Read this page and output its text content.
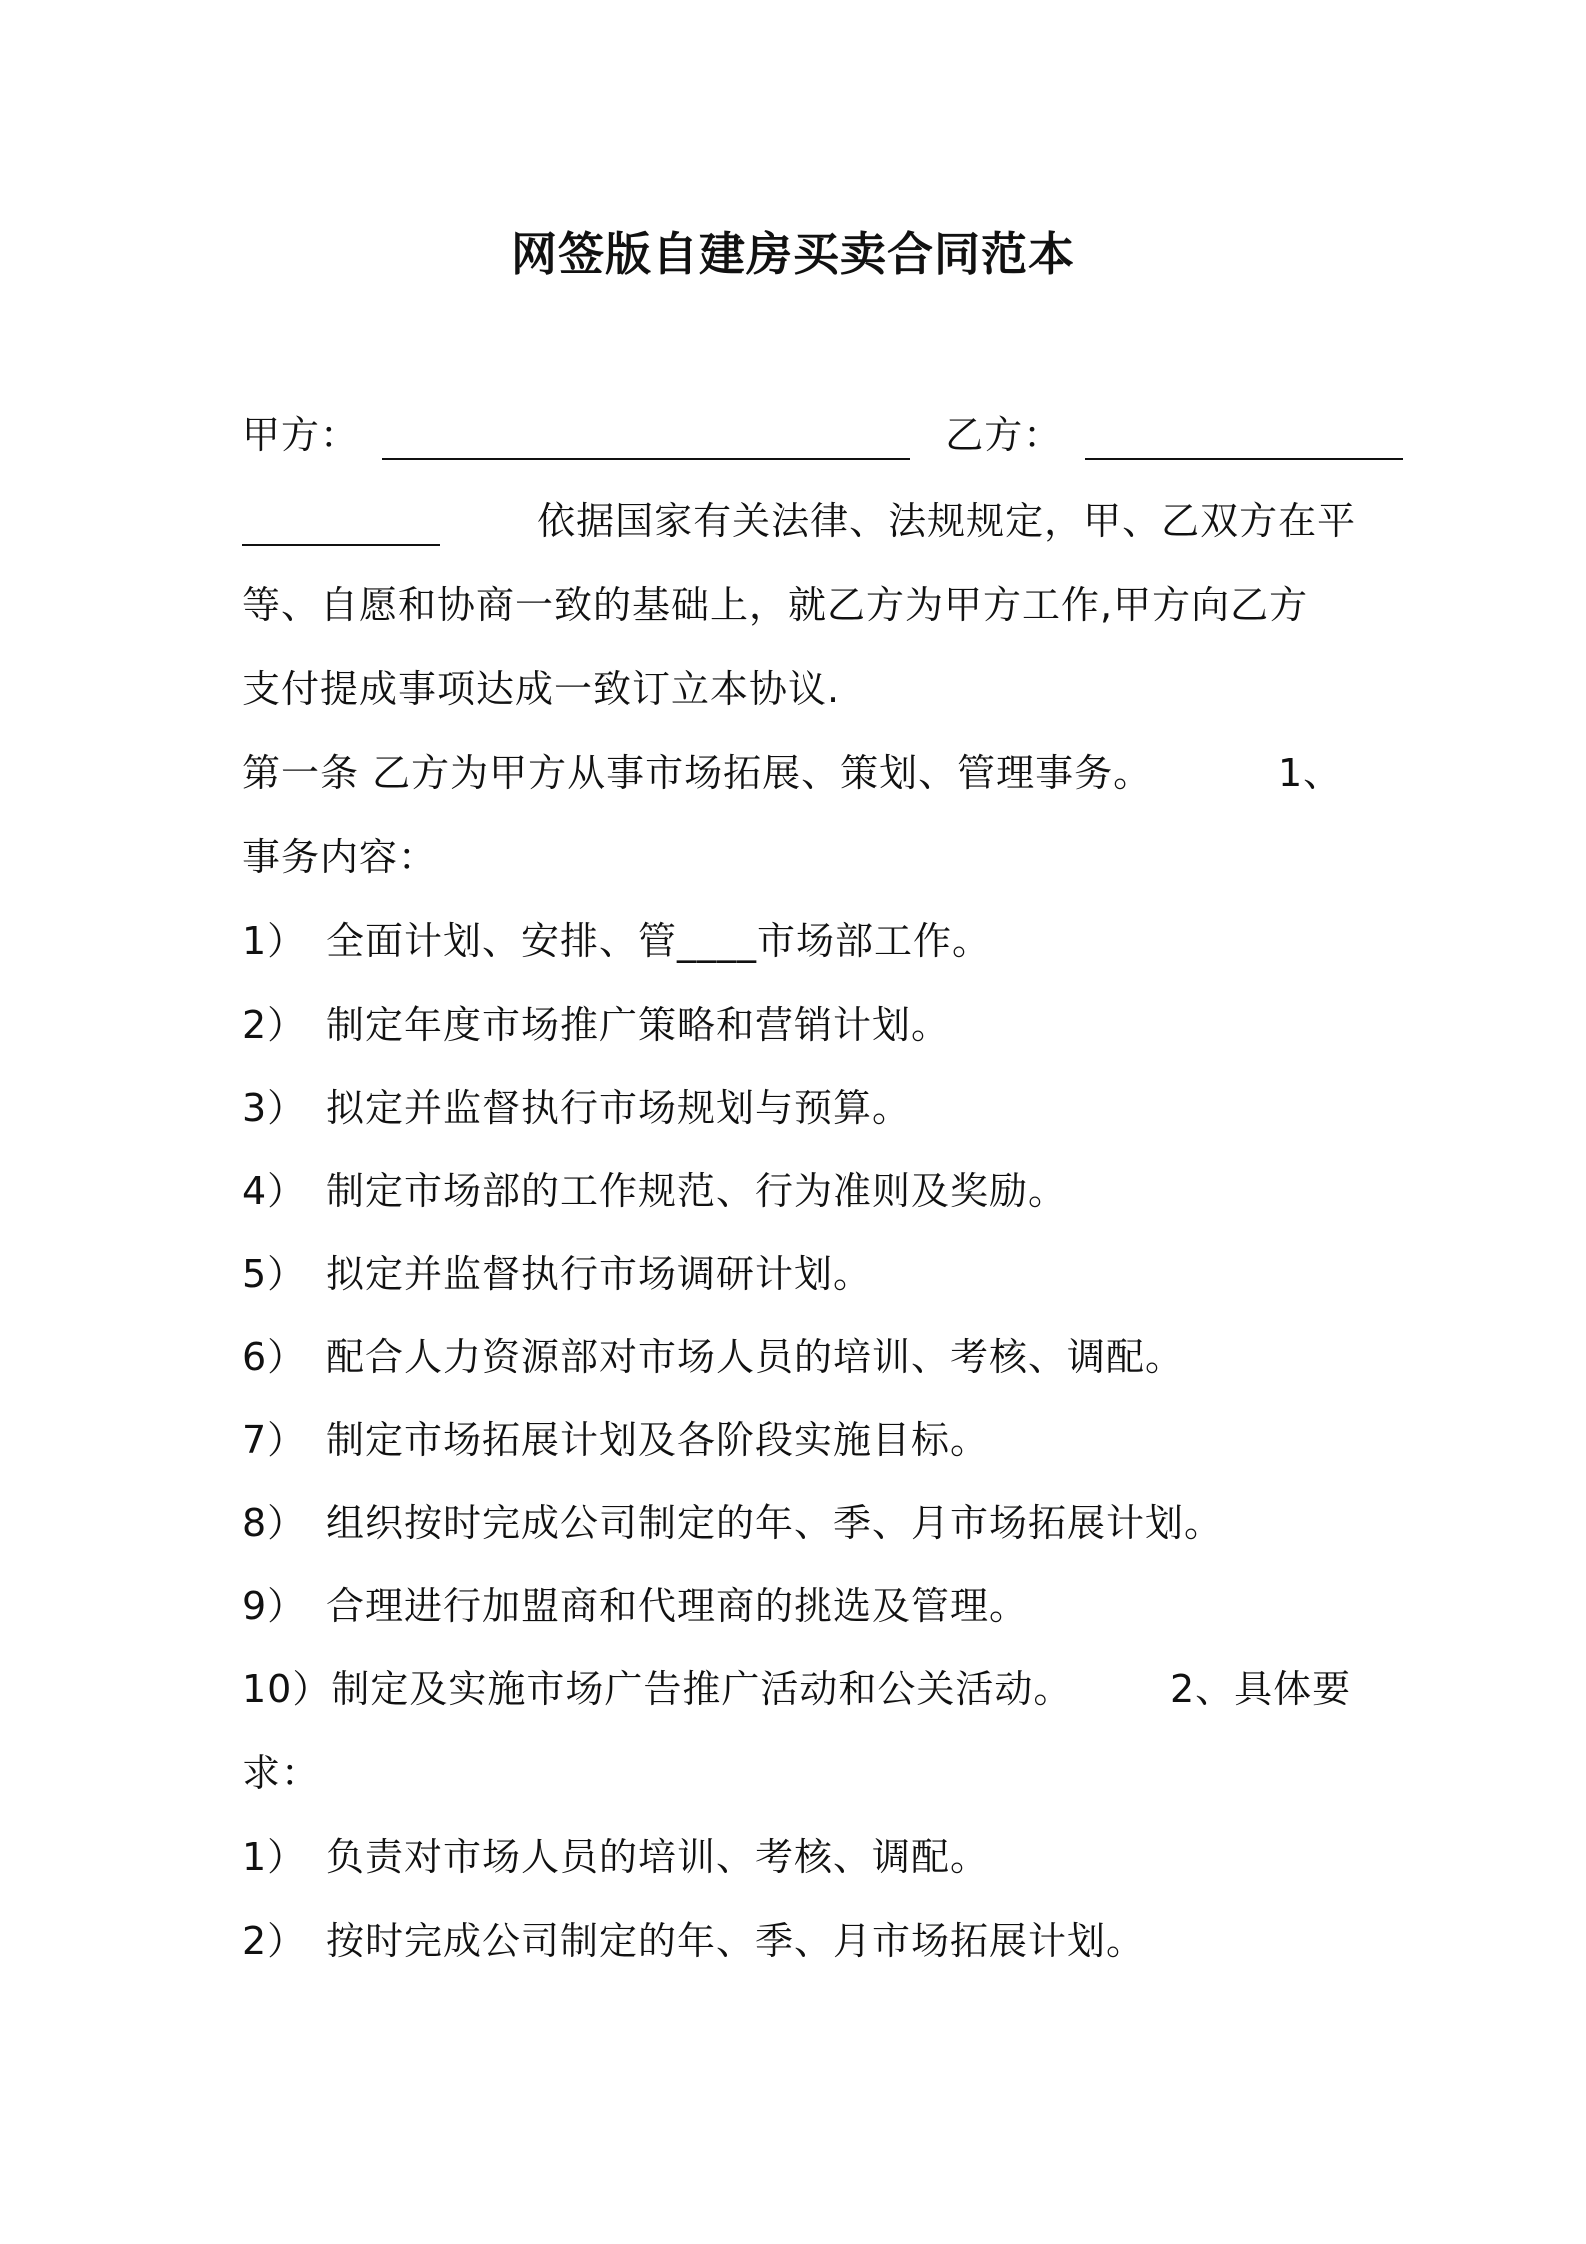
网签版自建房买卖合同范本
甲方：	乙方：
依据国家有关法律、法规规定，甲、乙双方在平
等、自愿和协商一致的基础上，就乙方为甲方工作,甲方向乙方
支付提成事项达成一致订立本协议.
第一条 乙方为甲方从事市场拓展、策划、管理事务。	1、
事务内容：
1） 全面计划、安排、管____市场部工作。
2） 制定年度市场推广策略和营销计划。
3） 拟定并监督执行市场规划与预算。
4） 制定市场部的工作规范、行为准则及奖励。
5） 拟定并监督执行市场调研计划。
6） 配合人力资源部对市场人员的培训、考核、调配。
7） 制定市场拓展计划及各阶段实施目标。
8） 组织按时完成公司制定的年、季、月市场拓展计划。
9） 合理进行加盟商和代理商的挑选及管理。
10）制定及实施市场广告推广活动和公关活动。	2、具体要
求：
1） 负责对市场人员的培训、考核、调配。
2） 按时完成公司制定的年、季、月市场拓展计划。
